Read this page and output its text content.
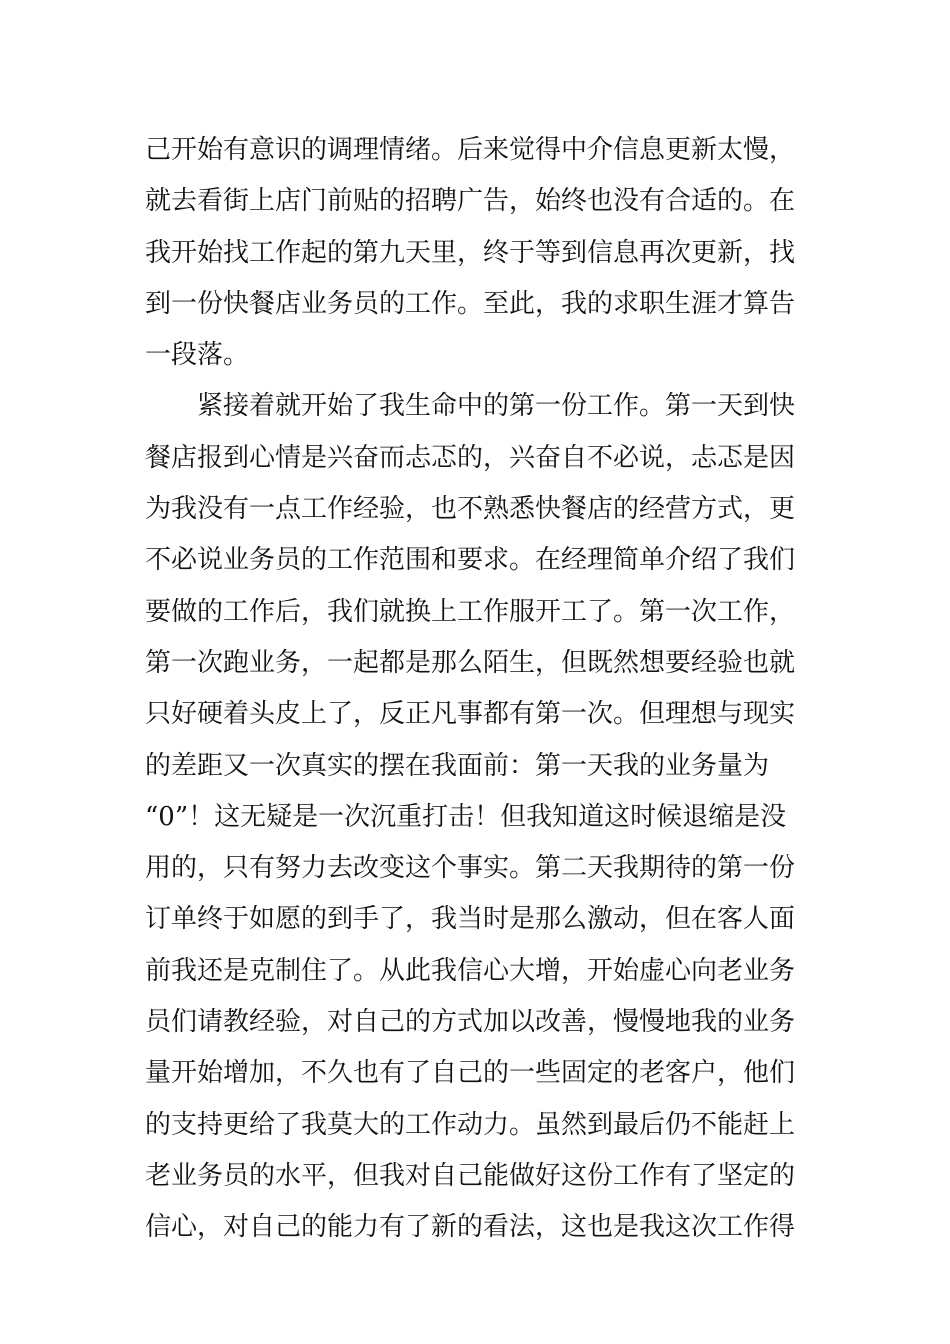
己开始有意识的调理情绪。后来觉得中介信息更新太慢，
就去看街上店门前贴的招聘广告，始终也没有合适的。在
我开始找工作起的第九天里，终于等到信息再次更新，找
到一份快餐店业务员的工作。至此，我的求职生涯才算告
一段落。
紧接着就开始了我生命中的第一份工作。第一天到快
餐店报到心情是兴奋而忐忑的，兴奋自不必说，忐忑是因
为我没有一点工作经验，也不熟悉快餐店的经营方式，更
不必说业务员的工作范围和要求。在经理简单介绍了我们
要做的工作后，我们就换上工作服开工了。第一次工作，
第一次跑业务，一起都是那么陌生，但既然想要经验也就
只好硬着头皮上了，反正凡事都有第一次。但理想与现实
的差距又一次真实的摆在我面前：第一天我的业务量为
“0”！这无疑是一次沉重打击！但我知道这时候退缩是没
用的，只有努力去改变这个事实。第二天我期待的第一份
订单终于如愿的到手了，我当时是那么激动，但在客人面
前我还是克制住了。从此我信心大增，开始虚心向老业务
员们请教经验，对自己的方式加以改善，慢慢地我的业务
量开始增加，不久也有了自己的一些固定的老客户，他们
的支持更给了我莫大的工作动力。虽然到最后仍不能赶上
老业务员的水平，但我对自己能做好这份工作有了坚定的
信心，对自己的能力有了新的看法，这也是我这次工作得
